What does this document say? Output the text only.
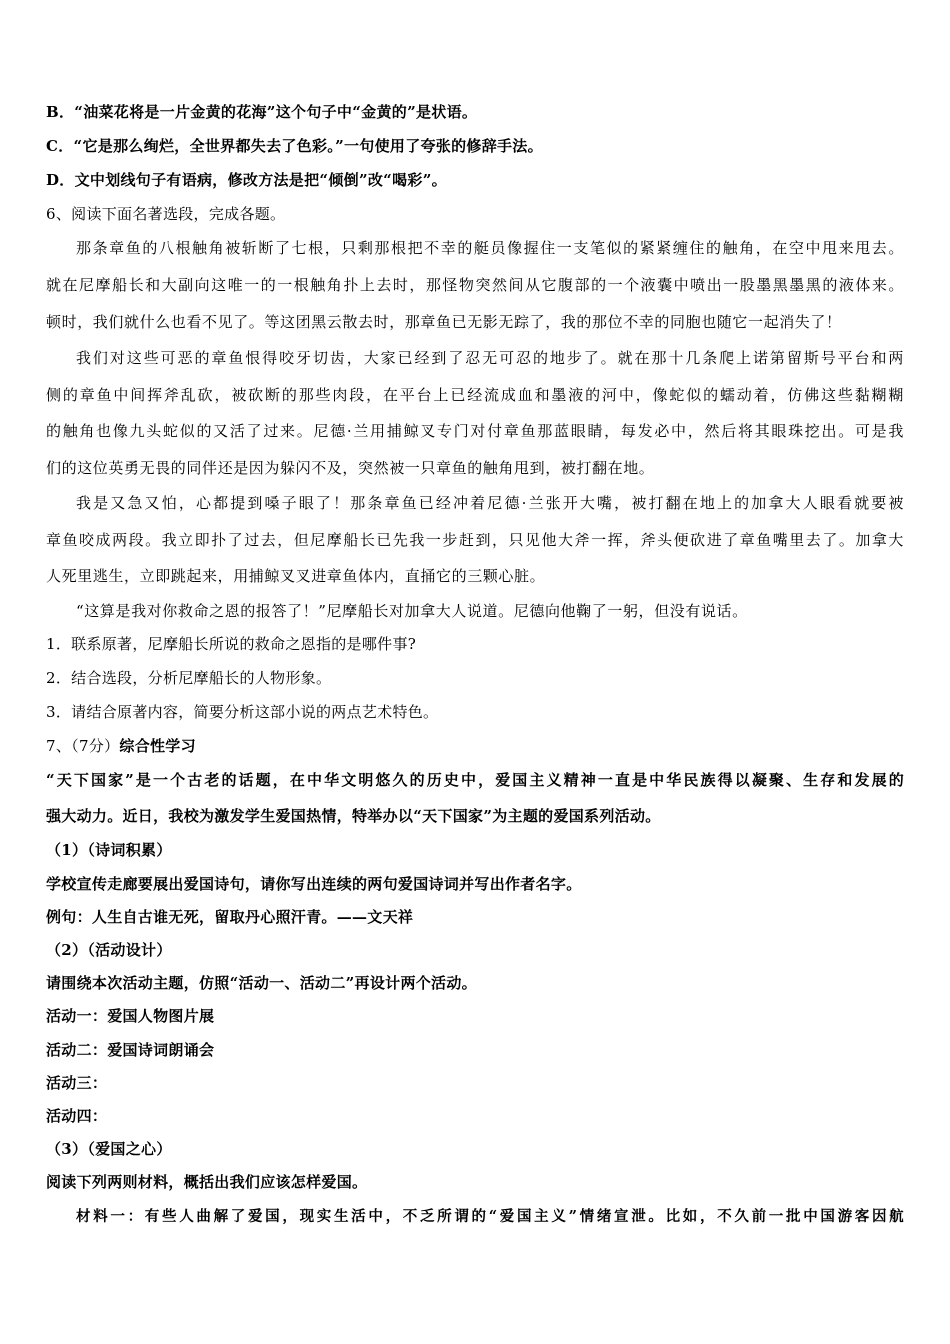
B．“油菜花将是一片金黄的花海”这个句子中“金黄的”是状语。
C．“它是那么绚烂，全世界都失去了色彩。”一句使用了夸张的修辞手法。
D．文中划线句子有语病，修改方法是把“倾倒”改“喝彩”。
6、阅读下面名著选段，完成各题。
那条章鱼的八根触角被斩断了七根，只剩那根把不幸的艇员像握住一支笔似的紧紧缠住的触角，在空中甩来甩去。
就在尼摩船长和大副向这唯一的一根触角扑上去时，那怪物突然间从它腹部的一个液囊中喷出一股墨黑墨黑的液体来。
顿时，我们就什么也看不见了。等这团黑云散去时，那章鱼已无影无踪了，我的那位不幸的同胞也随它一起消失了！
我们对这些可恶的章鱼恨得咬牙切齿，大家已经到了忍无可忍的地步了。就在那十几条爬上诺第留斯号平台和两
侧的章鱼中间挥斧乱砍，被砍断的那些肉段，在平台上已经流成血和墨液的河中，像蛇似的蠕动着，仿佛这些黏糊糊
的触角也像九头蛇似的又活了过来。尼德·兰用捕鲸叉专门对付章鱼那蓝眼睛，每发必中，然后将其眼珠挖出。可是我
们的这位英勇无畏的同伴还是因为躲闪不及，突然被一只章鱼的触角甩到，被打翻在地。
我是又急又怕，心都提到嗓子眼了！那条章鱼已经冲着尼德·兰张开大嘴，被打翻在地上的加拿大人眼看就要被
章鱼咬成两段。我立即扑了过去，但尼摩船长已先我一步赶到，只见他大斧一挥，斧头便砍进了章鱼嘴里去了。加拿大
人死里逃生，立即跳起来，用捕鲸叉叉进章鱼体内，直捅它的三颗心脏。
“这算是我对你救命之恩的报答了！”尼摩船长对加拿大人说道。尼德向他鞠了一躬，但没有说话。
1．联系原著，尼摩船长所说的救命之恩指的是哪件事?
2．结合选段，分析尼摩船长的人物形象。
3．请结合原著内容，简要分析这部小说的两点艺术特色。
7、（7分）综合性学习
“天下国家”是一个古老的话题，在中华文明悠久的历史中，爱国主义精神一直是中华民族得以凝聚、生存和发展的
强大动力。近日，我校为激发学生爱国热情，特举办以“天下国家”为主题的爱国系列活动。
（1）（诗词积累）
学校宣传走廊要展出爱国诗句，请你写出连续的两句爱国诗词并写出作者名字。
例句：人生自古谁无死，留取丹心照汗青。——文天祥
（2）（活动设计）
请围绕本次活动主题，仿照“活动一、活动二”再设计两个活动。
活动一：爱国人物图片展
活动二：爱国诗词朗诵会
活动三：
活动四：
（3）（爱国之心）
阅读下列两则材料，概括出我们应该怎样爱国。
材料一：有些人曲解了爱国，现实生活中，不乏所谓的“爱国主义”情绪宣泄。比如，不久前一批中国游客因航
